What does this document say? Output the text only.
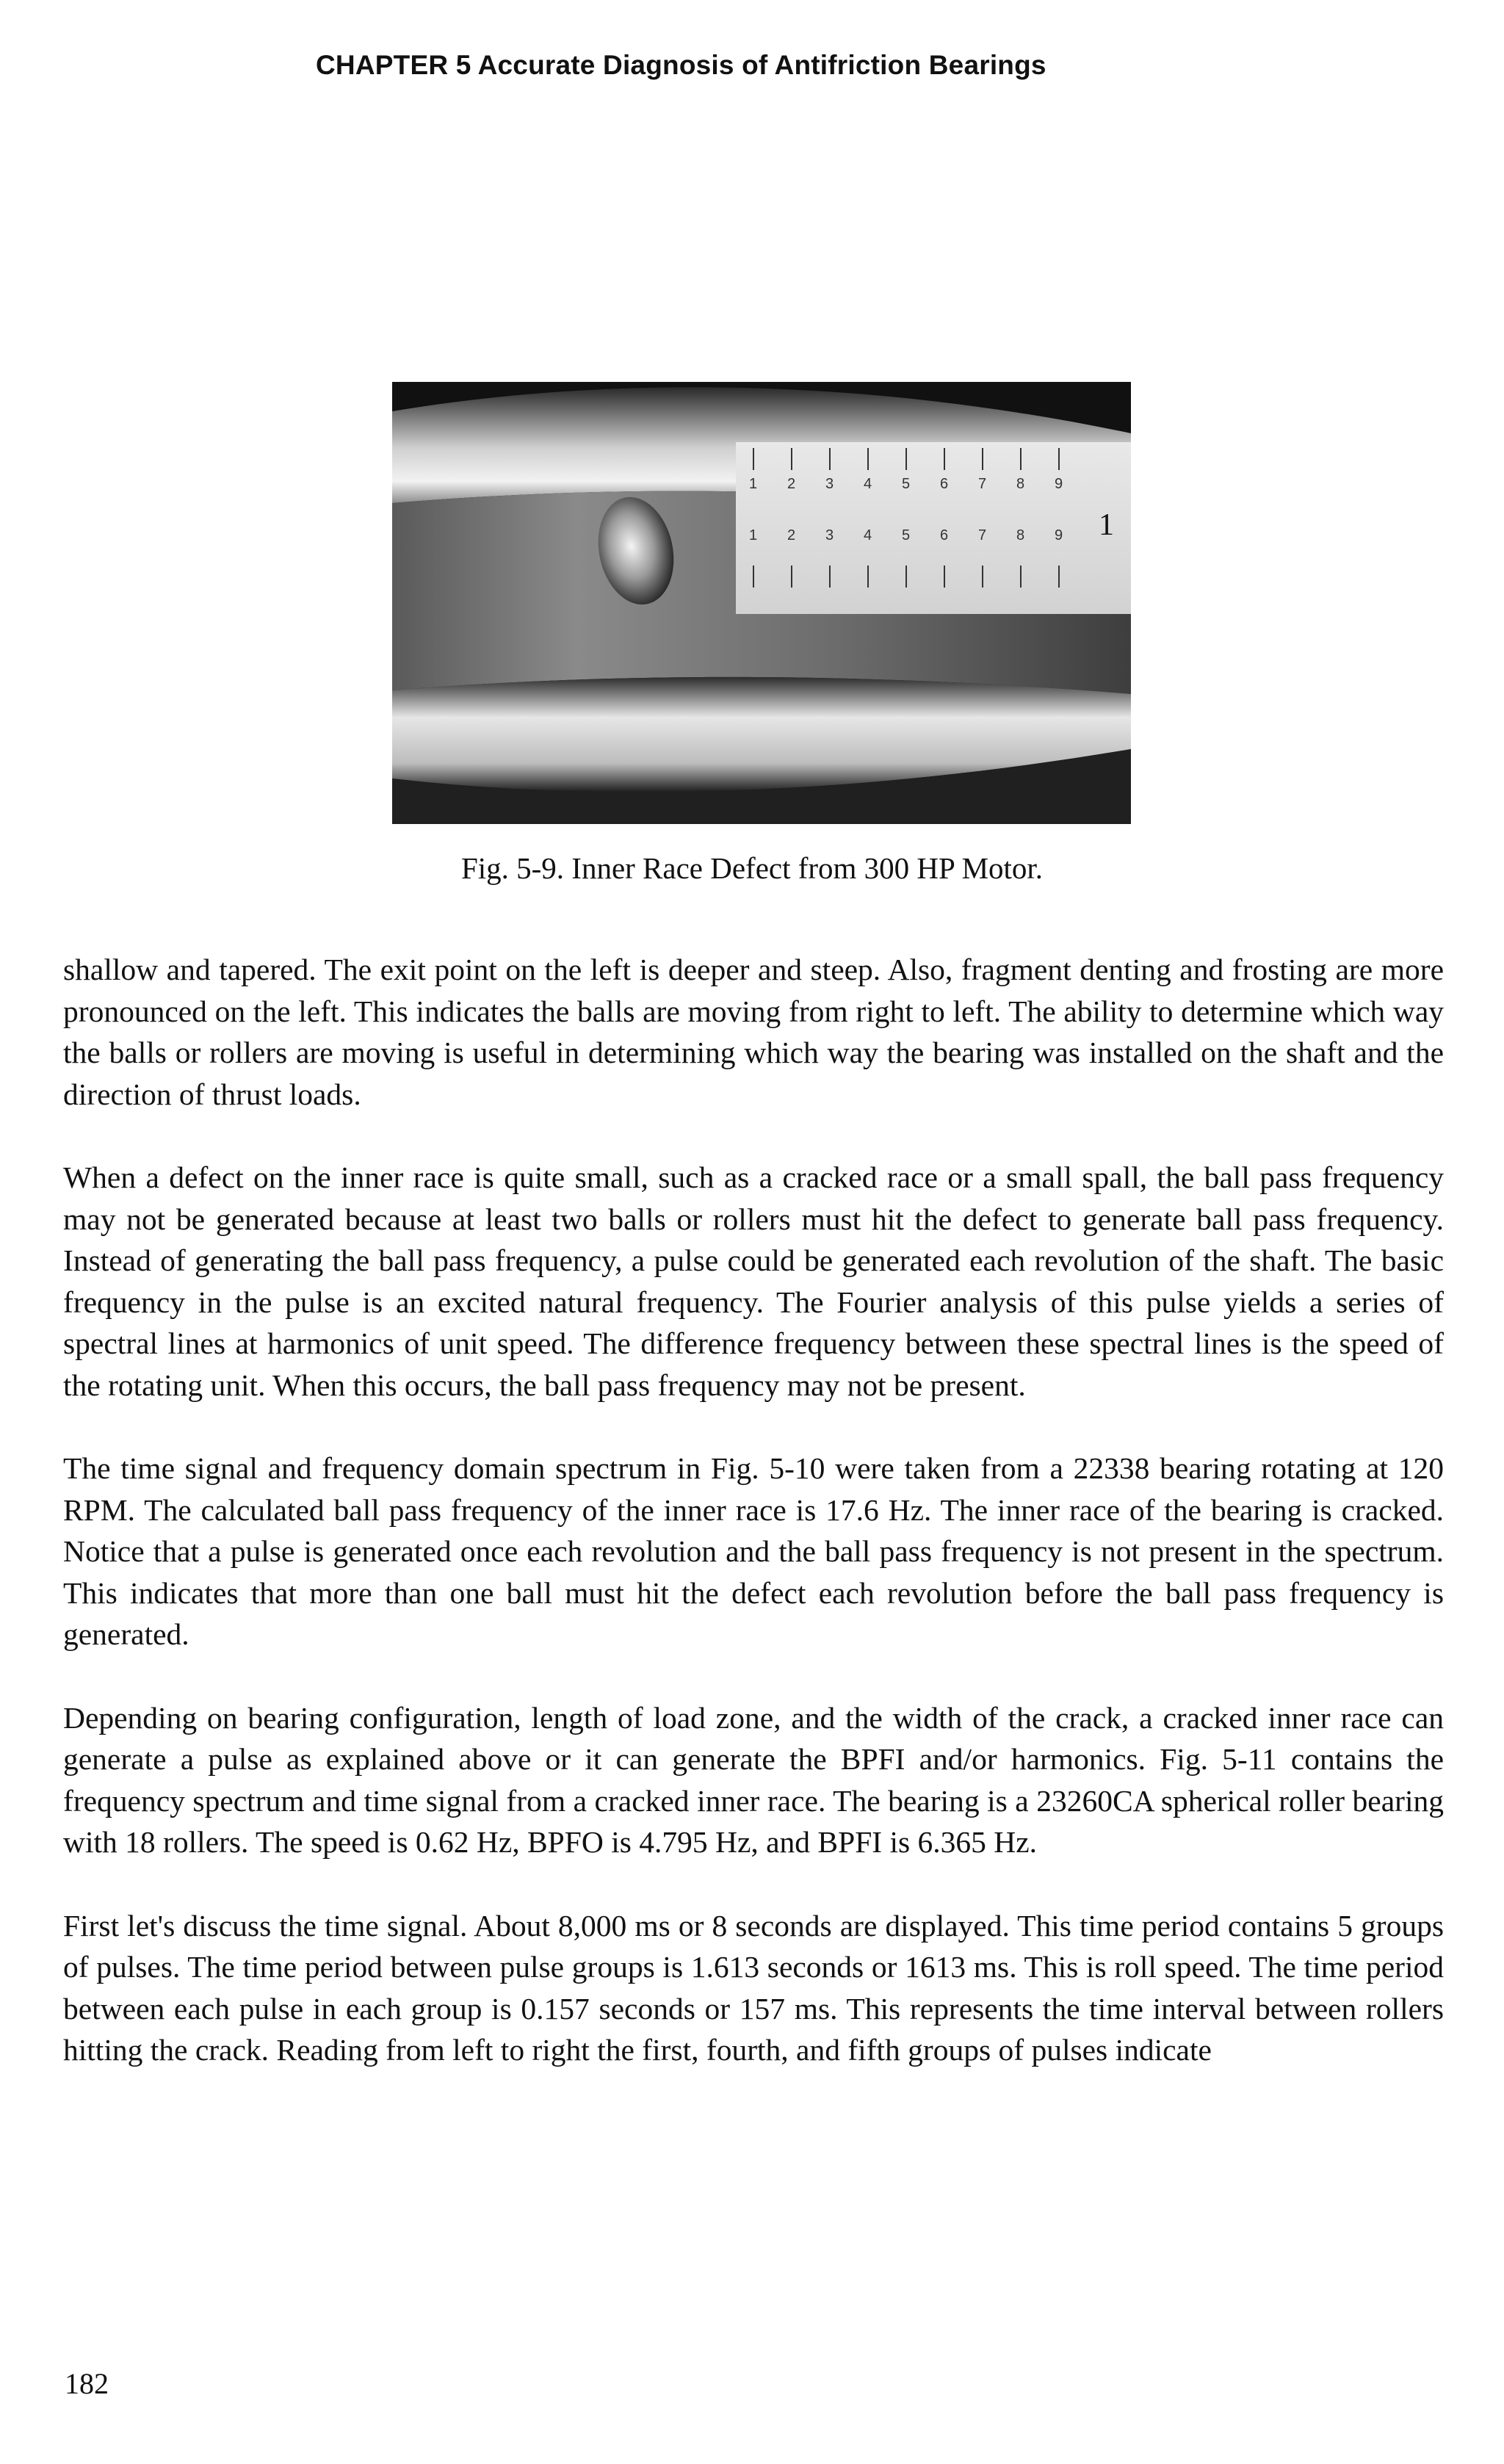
CHAPTER 5 Accurate Diagnosis of Antifriction Bearings
1 2 3 4 5 6 7 8 9
1 2 3 4 5 6 7 8 9 1
Fig. 5-9. Inner Race Defect from 300 HP Motor.

shallow and tapered. The exit point on the left is deeper and steep. Also, fragment denting and frosting are more pronounced on the left. This indicates the balls are moving from right to left. The ability to determine which way the balls or rollers are moving is useful in determining which way the bearing was installed on the shaft and the direction of thrust loads.

When a defect on the inner race is quite small, such as a cracked race or a small spall, the ball pass frequency may not be generated because at least two balls or rollers must hit the defect to generate ball pass frequency. Instead of generating the ball pass frequency, a pulse could be generated each revolution of the shaft. The basic frequency in the pulse is an excited natural frequency. The Fourier analysis of this pulse yields a series of spectral lines at harmonics of unit speed. The difference frequency between these spectral lines is the speed of the rotating unit. When this occurs, the ball pass frequency may not be present.

The time signal and frequency domain spectrum in Fig. 5-10 were taken from a 22338 bearing rotating at 120 RPM. The calculated ball pass frequency of the inner race is 17.6 Hz. The inner race of the bearing is cracked. Notice that a pulse is generated once each revolution and the ball pass frequency is not present in the spectrum. This indicates that more than one ball must hit the defect each revolution before the ball pass frequency is generated.

Depending on bearing configuration, length of load zone, and the width of the crack, a cracked inner race can generate a pulse as explained above or it can generate the BPFI and/or harmonics. Fig. 5-11 contains the frequency spectrum and time signal from a cracked inner race. The bearing is a 23260CA spherical roller bearing with 18 rollers. The speed is 0.62 Hz, BPFO is 4.795 Hz, and BPFI is 6.365 Hz.

First let's discuss the time signal. About 8,000 ms or 8 seconds are displayed. This time period contains 5 groups of pulses. The time period between pulse groups is 1.613 seconds or 1613 ms. This is roll speed. The time period between each pulse in each group is 0.157 seconds or 157 ms. This represents the time interval between rollers hitting the crack. Reading from left to right the first, fourth, and fifth groups of pulses indicate

182
